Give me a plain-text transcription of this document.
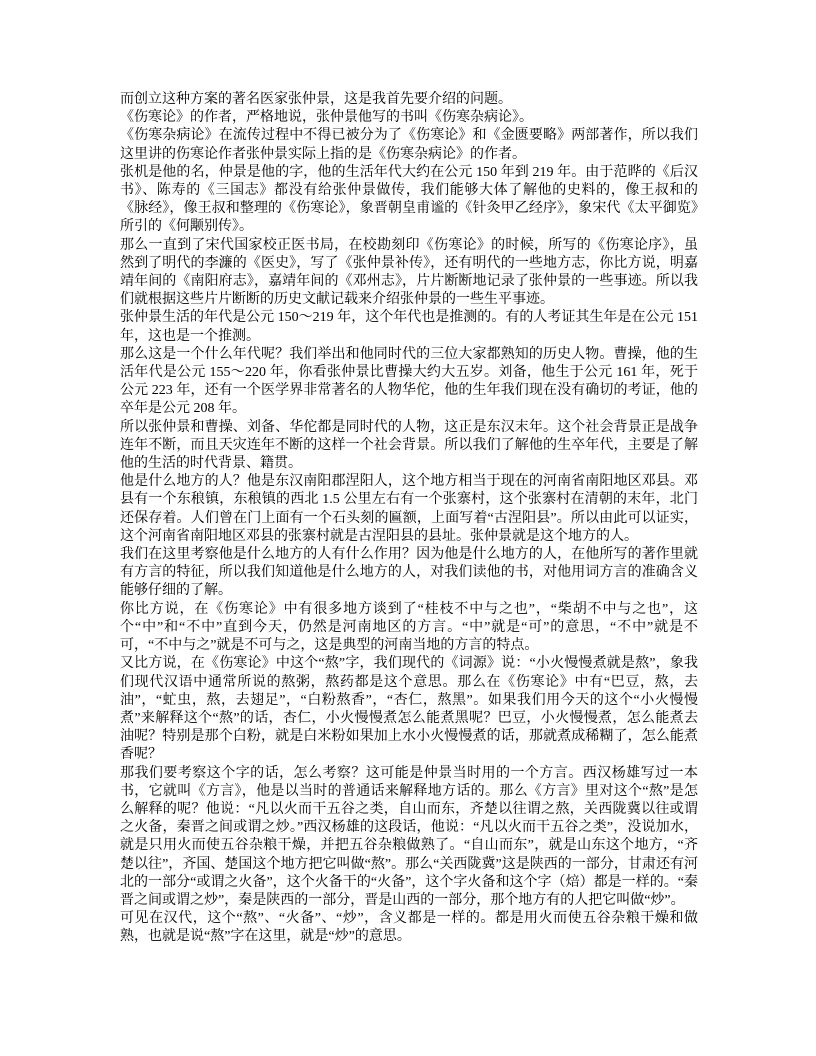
而创立这种方案的著名医家张仲景，这是我首先要介绍的问题。

《伤寒论》的作者，严格地说，张仲景他写的书叫《伤寒杂病论》。

《伤寒杂病论》在流传过程中不得已被分为了《伤寒论》和《金匮要略》两部著作，所以我们这里讲的伤寒论作者张仲景实际上指的是《伤寒杂病论》的作者。

张机是他的名，仲景是他的字，他的生活年代大约在公元 150 年到 219 年。由于范晔的《后汉书》、陈寿的《三国志》都没有给张仲景做传，我们能够大体了解他的史料的，像王叔和的《脉经》，像王叔和整理的《伤寒论》，象晋朝皇甫谧的《针灸甲乙经序》，象宋代《太平御览》所引的《何颙别传》。

那么一直到了宋代国家校正医书局，在校勘刻印《伤寒论》的时候，所写的《伤寒论序》，虽然到了明代的李濂的《医史》，写了《张仲景补传》，还有明代的一些地方志，你比方说，明嘉靖年间的《南阳府志》，嘉靖年间的《邓州志》，片片断断地记录了张仲景的一些事迹。所以我们就根据这些片片断断的历史文献记载来介绍张仲景的一些生平事迹。

张仲景生活的年代是公元 150～219 年，这个年代也是推测的。有的人考证其生年是在公元 151 年，这也是一个推测。

那么这是一个什么年代呢？我们举出和他同时代的三位大家都熟知的历史人物。曹操，他的生活年代是公元 155～220 年，你看张仲景比曹操大约大五岁。刘备，他生于公元 161 年，死于公元 223 年，还有一个医学界非常著名的人物华佗，他的生年我们现在没有确切的考证，他的卒年是公元 208 年。

所以张仲景和曹操、刘备、华佗都是同时代的人物，这正是东汉末年。这个社会背景正是战争连年不断，而且天灾连年不断的这样一个社会背景。所以我们了解他的生卒年代，主要是了解他的生活的时代背景、籍贯。

他是什么地方的人？他是东汉南阳郡涅阳人，这个地方相当于现在的河南省南阳地区邓县。邓县有一个东稂镇，东稂镇的西北 1.5 公里左右有一个张寨村，这个张寨村在清朝的末年，北门还保存着。人们曾在门上面有一个石头刻的匾额，上面写着“古涅阳县”。所以由此可以证实，这个河南省南阳地区邓县的张寨村就是古涅阳县的县址。张仲景就是这个地方的人。

我们在这里考察他是什么地方的人有什么作用？因为他是什么地方的人，在他所写的著作里就有方言的特征，所以我们知道他是什么地方的人，对我们读他的书，对他用词方言的准确含义能够仔细的了解。

你比方说，在《伤寒论》中有很多地方谈到了“桂枝不中与之也”，“柴胡不中与之也”，这个“中”和“不中”直到今天，仍然是河南地区的方言。“中”就是“可”的意思，“不中”就是不可，“不中与之”就是不可与之，这是典型的河南当地的方言的特点。

又比方说，在《伤寒论》中这个“熬”字，我们现代的《词源》说：“小火慢慢煮就是熬”，象我们现代汉语中通常所说的熬粥，熬药都是这个意思。那么在《伤寒论》中有“巴豆，熬，去油”，“虻虫，熬，去翅足”，“白粉熬香”，“杏仁，熬黑”。如果我们用今天的这个“小火慢慢煮”来解释这个“熬”的话，杏仁，小火慢慢煮怎么能煮黑呢？巴豆，小火慢慢煮，怎么能煮去油呢？特别是那个白粉，就是白米粉如果加上水小火慢慢煮的话，那就煮成稀糊了，怎么能煮香呢？

那我们要考察这个字的话，怎么考察？这可能是仲景当时用的一个方言。西汉杨雄写过一本书，它就叫《方言》，他是以当时的普通话来解释地方话的。那么《方言》里对这个“熬”是怎么解释的呢？他说：“凡以火而干五谷之类，自山而东，齐楚以往谓之熬，关西陇冀以往或谓之火备，秦晋之间或谓之炒。”西汉杨雄的这段话，他说：“凡以火而干五谷之类”，没说加水，就是只用火而使五谷杂粮干燥，并把五谷杂粮做熟了。“自山而东”，就是山东这个地方，“齐楚以往”，齐国、楚国这个地方把它叫做“熬”。那么“关西陇冀”这是陕西的一部分，甘肃还有河北的一部分“或谓之火备”，这个火备干的“火备”，这个字火备和这个字（焙）都是一样的。“秦晋之间或谓之炒”，秦是陕西的一部分，晋是山西的一部分，那个地方有的人把它叫做“炒”。

可见在汉代，这个“熬”、“火备”、“炒”，含义都是一样的。都是用火而使五谷杂粮干燥和做熟，也就是说“熬”字在这里，就是“炒”的意思。
